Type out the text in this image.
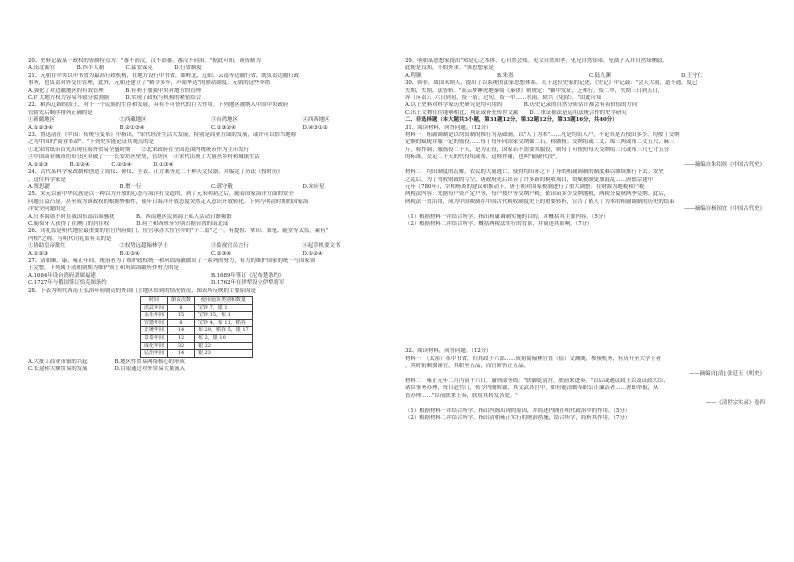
20、史料记载某一政权的皆制特点为："番不治汉，汉不治番，番汉不同治。"据此可知，该皆制为
A.南北面官　　　　B.四半人制　　　　C.猛安谋克　　　　D.行省制度
21、元朝在中央以中书省为最高行政机构，在地方设行中书省，如岭北、辽阳、云南等边疆行省，既负责边疆行政
事务，也负责对外交往管理，此外，元朝还建立了"鹤令多车，声闻华达"的驿站制度。元朝的这些举措
A.强化了对边疆地区的有效管理　　　　B.有利于加强中央对地方的管理
C.扩大地方权力容易导致分裂割据　　　D.实现了政权与机构的紧密结合
22、粮西辽阔的国土，对于一个民族的生存和发展，具有不可替代的巨大作用。下列地区被纳入中国中央政府
管辖先后顺序排列正确的是
①新疆地区	②西藏地区	③台湾地区	④西西地区
A.①②③④	B.②①③④	C.①③②④	D.④③①②
23、鲁迅清在《中国：传统与变革》中指出，"宋代经济生活大发展，特别是商业方面的发展，或许可以恰当地称
之为中国的"商业革命"。"下列史实能论证其观点的是
①北宋的纸币首先出现在海外贸易全盛时期　　②北宋政府在全国范围内统统币作为主币发行
③中国商业城市坊市分区突破了一一长安坊区壁垒，管坊区　④宋代出现了大量丛乡村和城镇生活
A.①②③　　　　B.①②④　　　　C.②③④　　　　D.①③④
24、古代某科学家改制和创造了简仪、仰仪、圭表、正方案等近二十种天文仪器，并编定了历法《授时历》
。这位科学家是
A.贾思勰	B.僧一行	C.郭守敬	D.宋应星
25、宋元以前中华民族是以一种以为开放的心态与海洋打交道的，到了元末明初之后，随着国家海洋方面的安全
问题日益凸显，甚至成为该政权的根据弊根性，使年日海洋开放态度突然走入意识开放转化。下列与明清时期的国家海
洋安全问题的是
A.日本海盗不时在我国东部沿海骚扰　　　　B、西南地区民间海上私人活动日渐频繁
C.葡萄牙人获得了在澳门的居住权　　　　　D.荷兰和西班牙分别占据台湾的南北部
26、司礼监是明代地位最重要的宦官内府衙门，宦官承办大宦官中的"十二监"之一，有提督、掌印、秉笔、随堂等太监，素有"
内相"之称。与明代司礼监有关的是
①协助皇帝批红	②权势远超翰林学士	③监视官员言行	④起草机要文书
A.①②③	B.①③④	C.②③④	D.①②④
27、清朝顺、康、雍正年间，统治者为了维护政权统一和巩固海疆做出了一系列的努力，有力的维护国家的统一与国家领
土完整。下列属于清朝朝期为维护领土和巩固海疆所作努力的是
A.1684年设台湾府隶属福建	B.1689年签订《尼布楚条约》
C.1727年与俄国签订恰克图条约	D.1762年在伊犁设立伊犁将军
28、下表为明代西南王弘治年间朝贡的外国门主地区给到的情况情况，图表所反映的主要原因是
时间	朝贡次数	使用通货类别和数量
洪武年间	8	宝钞 7，银 1
永乐年间	15	宝钞 15，布 1
宣德年间	8	宝钞 4，布 11，稻谷
正统年间	14	布 29，稻谷 5，银 17
景泰年间	12	布 2，银 10
成化年间	32	银 22
弘治年间	14	银 23
A.大批工商业市镇的兴起　　　　　B.地区性贸易网络核心的形成
C.长途和大额贸易的发展　　　　　D.白银通过对外贸易大量流入
29、明朝某思想家提出"知是心之本体，心自然会知。见父自然知孝，见兄自然知弟，见孺子入井自然知恻隐，
此便是良知，不假外求。"该思想家是
A.程颢	B.朱熹	C.陆九渊	D.王守仁
30、韩非，战国末期人，提出了以系统的法家思想体系。关于这位史家的记述，《史记》中记载："会天大雨，道不通，度已
失期，失期，法皆斩。"而云梦睡虎地秦简《秦律》则规定："御中发征，乏弗行，赀二甲，失期三日到五日，
谇（斥责）；六日到旬，赀一盾；过旬，赀一甲……水雨，除兴（免除）。"由此可知
A.以上史料对科学家历史研究是均可用的　　　　B.历史记录的自然分质估计都会有着价值的方向
C.出土文物往往能够相比，判证或补充传世文献　　D.二重证据法是运用法统合作的史学研究
二、非选择题（本大题共3小题，第31题12分，第32题12分，第33题16分，共40分）
31、阅读材料，回答问题。（12分）
材料一　租庸调制是以均田制的推行为基础制，以"人丁为本"……凡是均田人户，不论其是否授田多少，均按丁交纳
定额的赋税并服一定的徭役……每丁每年向国家交纳粟二石，称做租；交纳绢或二丈、绵三两或布二丈五尺、麻三
斤，称作调；服徭役二十天，是为正役，国家若不需要其服役，则每丁可按照每天交纳绢三尺或布三尺七寸五分
的标准，交足二十天的代役绢或布，这称作庸，也叫"输庸代役"。
——摘编自朱绍侯《中国古代史》
材料二　均田制度的瓦解，农民的大量逃亡，使得均田赤之下丁身的租庸调制的制度难以继续推行下去。安史
之乱后，为了驾收财政的亏空，唐政府先后出台了许多新的税收项目，赞赋税制更加混乱……唐德宗建中
元年（780年），宰相杨炎的建议和推动下，唐王朝对国家税制进行了重大调整：在财源为地税和户税
两税法内容：先据每户资产定户等，每户按户等交纳户税；依田亩多少交纳地税，两税分夏秋两季交纳。此后，
两税法一直沿用，成为中国税制在中国古代税收制度史上的重要转折，宣告了依人丁为本的租庸调制的历史的结束
——摘编自杨国宜《中国古代史》
（1）根据材料一并结合所学，指出租庸调制实施的目的，并概括其主要内容。（5分）
（2）根据材料二并结合所学，概括两税法实行的背景，并简述其影响。（7分）
32、阅读材料，回答问题。（12分）
材料一　（太祖）革中书省，归其政于六部……成祖简翰林官直（值）文渊阁，参预机务，有历升至大学士者
。其时衔颇加谨官，其职至五品，而官阶仍正五品。
——摘编自[清] 张廷玉《明史》
材料二　雍正元年二月丙寅十六日，谕刑部等衙："朕御乾清宫，朕前来进奏。"以后或遇议政王以及议政大臣、
诸臣事务办理，每日赴宫门，传令内阁转谕，其文武各官中，如有能清勤奉职公正廉洁者……著即举报，从
直办理……"臣前朕来上奏，朕将其转发各处。"
——《清世宗实录》卷四
（1）根据材料一并结合所学，指出内阁出现的原因，并简述内阁在明代政治中的作用。（5分）
（2）根据材料二并结合所学，指出清朝雍正实行的统治措施，结合所学，简析其作用。（7分）
